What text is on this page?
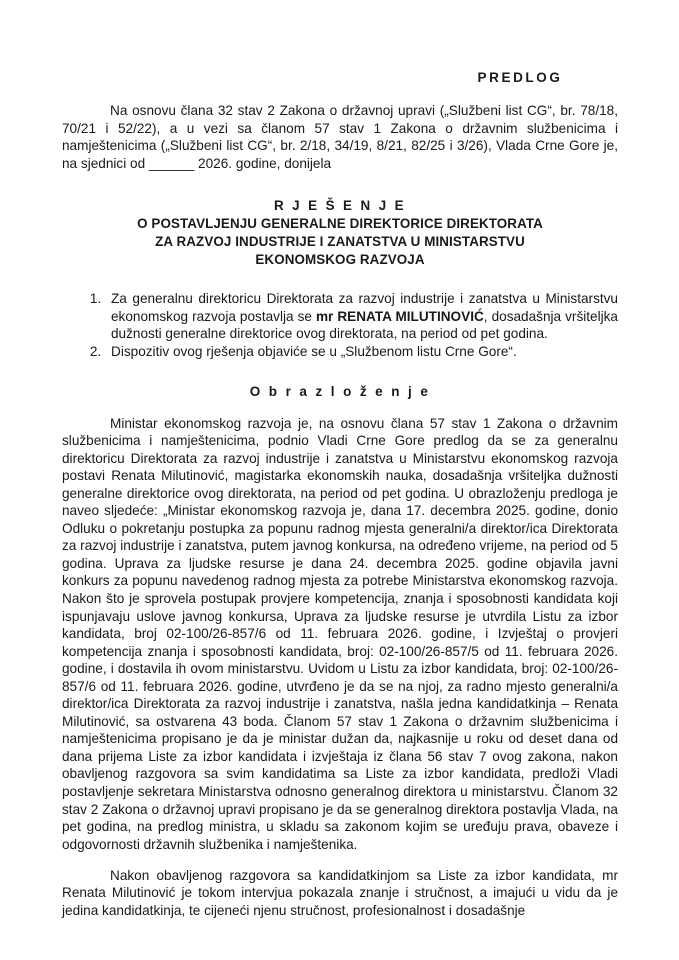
PREDLOG

Na osnovu člana 32 stav 2 Zakona o državnoj upravi („Službeni list CG“, br. 78/18, 70/21 i 52/22), a u vezi sa članom 57 stav 1 Zakona o državnim službenicima i namještenicima („Službeni list CG“, br. 2/18, 34/19, 8/21, 82/25 i 3/26), Vlada Crne Gore je, na sjednici od ______ 2026. godine, donijela

R J E Š E N J E
O POSTAVLJENJU GENERALNE DIREKTORICE DIREKTORATA
ZA RAZVOJ INDUSTRIJE I ZANATSTVA U MINISTARSTVU
EKONOMSKOG RAZVOJA
1. Za generalnu direktoricu Direktorata za razvoj industrije i zanatstva u Ministarstvu ekonomskog razvoja postavlja se mr RENATA MILUTINOVIĆ, dosadašnja vršiteljka dužnosti generalne direktorice ovog direktorata, na period od pet godina.
2. Dispozitiv ovog rješenja objaviće se u „Službenom listu Crne Gore“.
O b r a z l o ž e n j e

Ministar ekonomskog razvoja je, na osnovu člana 57 stav 1 Zakona o državnim službenicima i namještenicima, podnio Vladi Crne Gore predlog da se za generalnu direktoricu Direktorata za razvoj industrije i zanatstva u Ministarstvu ekonomskog razvoja postavi Renata Milutinović, magistarka ekonomskih nauka, dosadašnja vršiteljka dužnosti generalne direktorice ovog direktorata, na period od pet godina. U obrazloženju predloga je naveo sljedeće: „Ministar ekonomskog razvoja je, dana 17. decembra 2025. godine, donio Odluku o pokretanju postupka za popunu radnog mjesta generalni/a direktor/ica Direktorata za razvoj industrije i zanatstva, putem javnog konkursa, na određeno vrijeme, na period od 5 godina. Uprava za ljudske resurse je dana 24. decembra 2025. godine objavila javni konkurs za popunu navedenog radnog mjesta za potrebe Ministarstva ekonomskog razvoja. Nakon što je sprovela postupak provjere kompetencija, znanja i sposobnosti kandidata koji ispunjavaju uslove javnog konkursa, Uprava za ljudske resurse je utvrdila Listu za izbor kandidata, broj 02-100/26-857/6 od 11. februara 2026. godine, i Izvještaj o provjeri kompetencija znanja i sposobnosti kandidata, broj: 02-100/26-857/5 od 11. februara 2026. godine, i dostavila ih ovom ministarstvu. Uvidom u Listu za izbor kandidata, broj: 02-100/26-857/6 od 11. februara 2026. godine, utvrđeno je da se na njoj, za radno mjesto generalni/a direktor/ica Direktorata za razvoj industrije i zanatstva, našla jedna kandidatkinja – Renata Milutinović, sa ostvarena 43 boda. Članom 57 stav 1 Zakona o državnim službenicima i namještenicima propisano je da je ministar dužan da, najkasnije u roku od deset dana od dana prijema Liste za izbor kandidata i izvještaja iz člana 56 stav 7 ovog zakona, nakon obavljenog razgovora sa svim kandidatima sa Liste za izbor kandidata, predloži Vladi postavljenje sekretara Ministarstva odnosno generalnog direktora u ministarstvu. Članom 32 stav 2 Zakona o državnoj upravi propisano je da se generalnog direktora postavlja Vlada, na pet godina, na predlog ministra, u skladu sa zakonom kojim se uređuju prava, obaveze i odgovornosti državnih službenika i namještenika.

Nakon obavljenog razgovora sa kandidatkinjom sa Liste za izbor kandidata, mr Renata Milutinović je tokom intervjua pokazala znanje i stručnost, a imajući u vidu da je jedina kandidatkinja, te cijeneći njenu stručnost, profesionalnost i dosadašnje
